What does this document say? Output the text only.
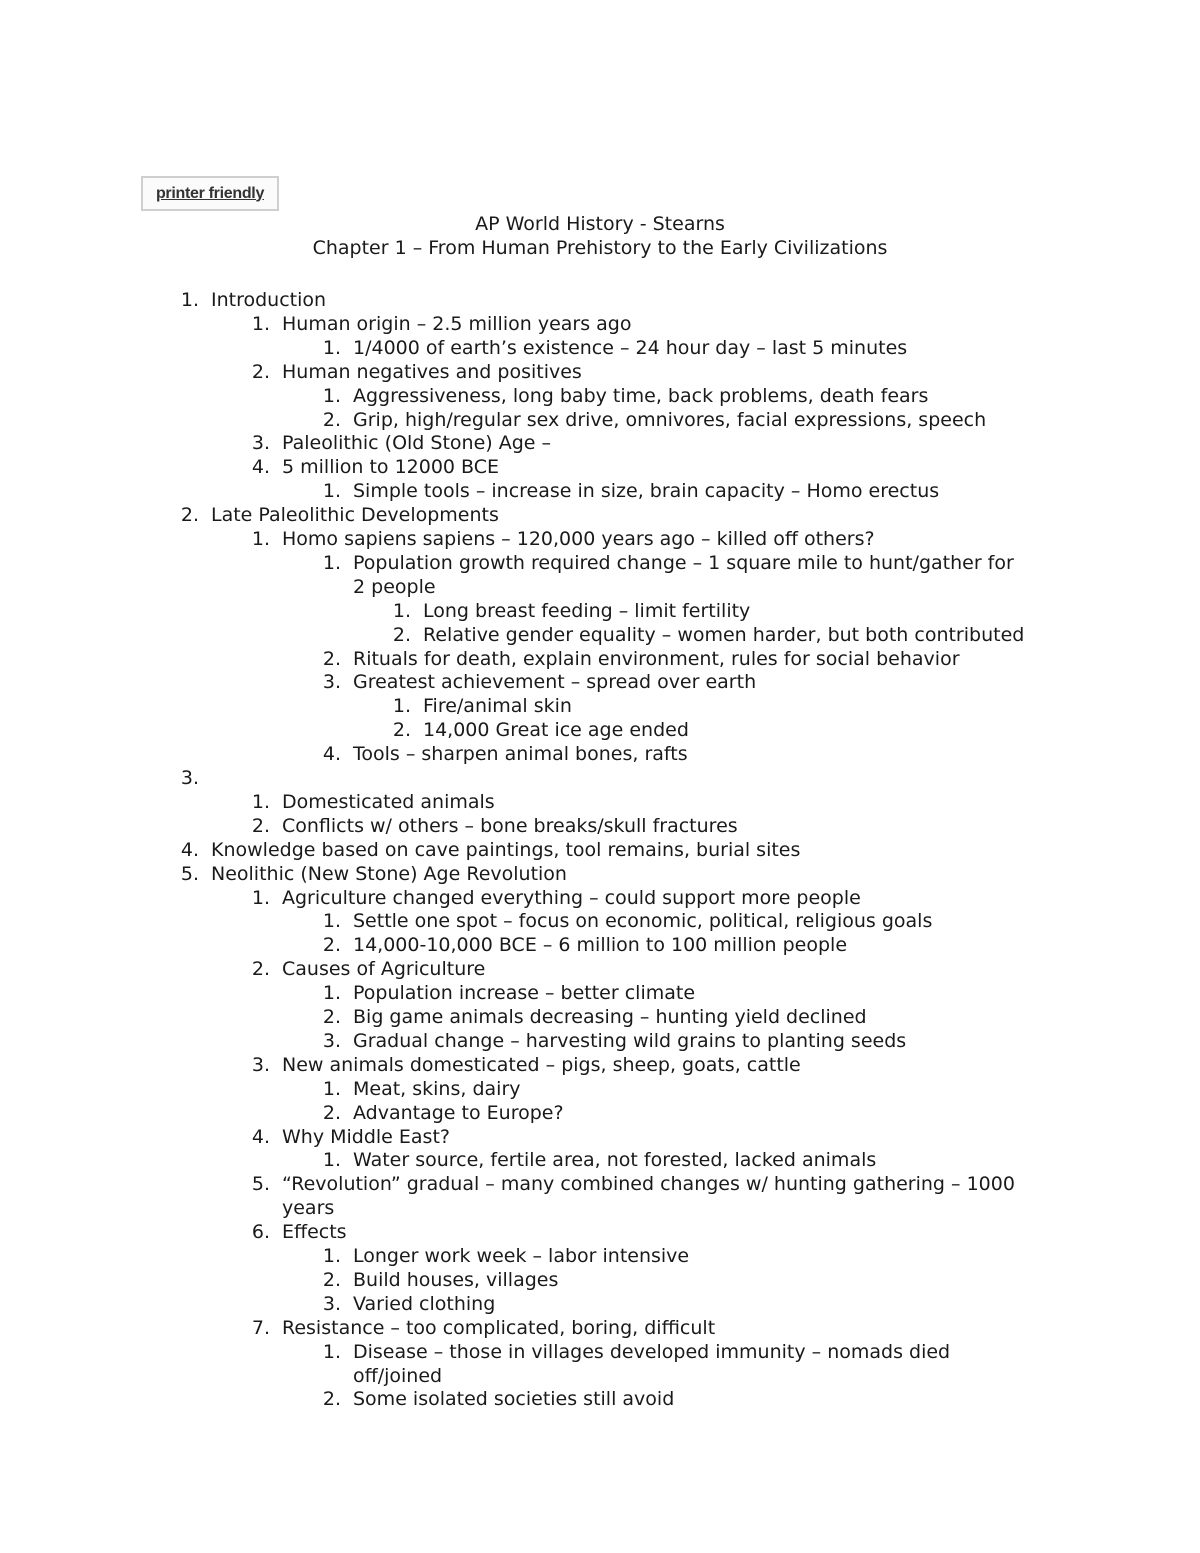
printer friendly
AP World History - Stearns
Chapter 1 – From Human Prehistory to the Early Civilizations
1. Introduction
1. Human origin – 2.5 million years ago
1. 1/4000 of earth’s existence – 24 hour day – last 5 minutes
2. Human negatives and positives
1. Aggressiveness, long baby time, back problems, death fears
2. Grip, high/regular sex drive, omnivores, facial expressions, speech
3. Paleolithic (Old Stone) Age –
4. 5 million to 12000 BCE
1. Simple tools – increase in size, brain capacity – Homo erectus
2. Late Paleolithic Developments
1. Homo sapiens sapiens – 120,000 years ago – killed off others?
1. Population growth required change – 1 square mile to hunt/gather for
2 people
1. Long breast feeding – limit fertility
2. Relative gender equality – women harder, but both contributed
2. Rituals for death, explain environment, rules for social behavior
3. Greatest achievement – spread over earth
1. Fire/animal skin
2. 14,000 Great ice age ended
4. Tools – sharpen animal bones, rafts
3.
1. Domesticated animals
2. Conflicts w/ others – bone breaks/skull fractures
4. Knowledge based on cave paintings, tool remains, burial sites
5. Neolithic (New Stone) Age Revolution
1. Agriculture changed everything – could support more people
1. Settle one spot – focus on economic, political, religious goals
2. 14,000-10,000 BCE – 6 million to 100 million people
2. Causes of Agriculture
1. Population increase – better climate
2. Big game animals decreasing – hunting yield declined
3. Gradual change – harvesting wild grains to planting seeds
3. New animals domesticated – pigs, sheep, goats, cattle
1. Meat, skins, dairy
2. Advantage to Europe?
4. Why Middle East?
1. Water source, fertile area, not forested, lacked animals
5. “Revolution” gradual – many combined changes w/ hunting gathering – 1000
years
6. Effects
1. Longer work week – labor intensive
2. Build houses, villages
3. Varied clothing
7. Resistance – too complicated, boring, difficult
1. Disease – those in villages developed immunity – nomads died
off/joined
2. Some isolated societies still avoid
